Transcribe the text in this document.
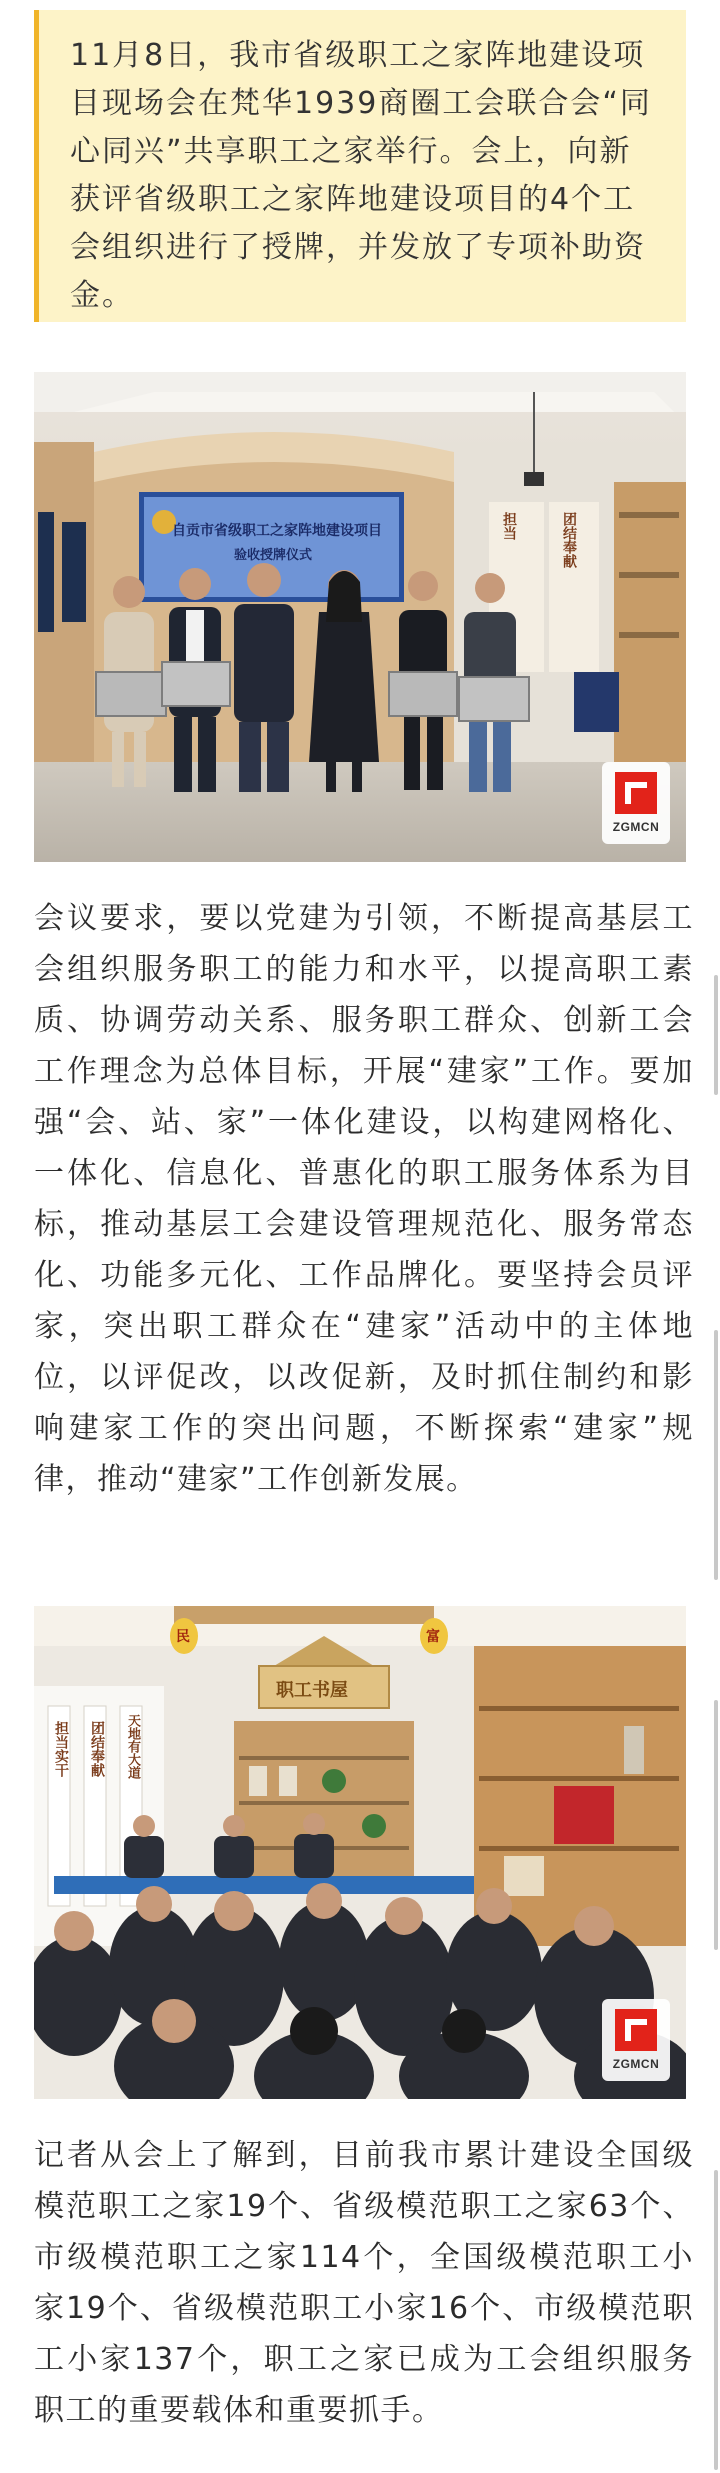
11月8日，我市省级职工之家阵地建设项目现场会在梵华1939商圈工会联合会“同心同兴”共享职工之家举行。会上，向新获评省级职工之家阵地建设项目的4个工会组织进行了授牌，并发放了专项补助资金。

自贡市省级职工之家阵地建设项目
验收授牌仪式
担当	团结奉献
ZGMCN

会议要求，要以党建为引领，不断提高基层工会组织服务职工的能力和水平，以提高职工素质、协调劳动关系、服务职工群众、创新工会工作理念为总体目标，开展“建家”工作。要加强“会、站、家”一体化建设，以构建网格化、一体化、信息化、普惠化的职工服务体系为目标，推动基层工会建设管理规范化、服务常态化、功能多元化、工作品牌化。要坚持会员评家，突出职工群众在“建家”活动中的主体地位，以评促改，以改促新，及时抓住制约和影响建家工作的突出问题，不断探索“建家”规律，推动“建家”工作创新发展。

职工书屋
担当实干 团结奉献 天地有大道
民	富
ZGMCN

记者从会上了解到，目前我市累计建设全国级模范职工之家19个、省级模范职工之家63个、市级模范职工之家114个，全国级模范职工小家19个、省级模范职工小家16个、市级模范职工小家137个，职工之家已成为工会组织服务职工的重要载体和重要抓手。
